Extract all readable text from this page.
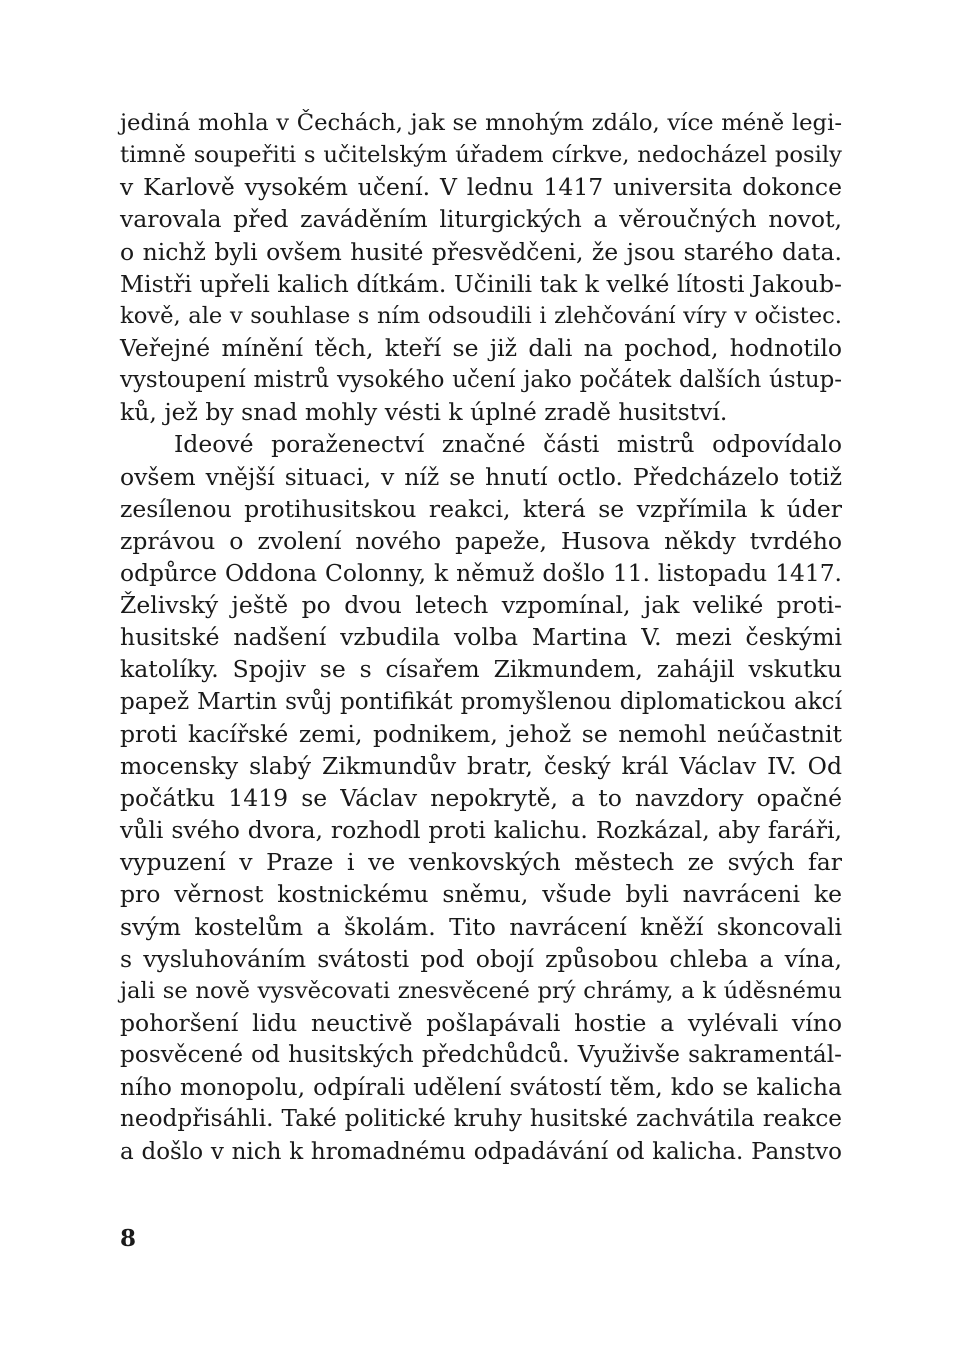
jediná mohla v Čechách, jak se mnohým zdálo, více méně legi-
timně soupeřiti s učitelským úřadem církve, nedocházel posily
v Karlově vysokém učení. V lednu 1417 universita dokonce
varovala před zaváděním liturgických a věroučných novot,
o nichž byli ovšem husité přesvědčeni, že jsou starého data.
Mistři upřeli kalich dítkám. Učinili tak k velké lítosti Jakoub-
kově, ale v souhlase s ním odsoudili i zlehčování víry v očistec.
Veřejné mínění těch, kteří se již dali na pochod, hodnotilo
vystoupení mistrů vysokého učení jako počátek dalších ústup-
ků, jež by snad mohly vésti k úplné zradě husitství.
Ideové poraženectví značné části mistrů odpovídalo
ovšem vnější situaci, v níž se hnutí octlo. Předcházelo totiž
zesílenou protihusitskou reakci, která se vzpřímila k úder
zprávou o zvolení nového papeže, Husova někdy tvrdého
odpůrce Oddona Colonny, k němuž došlo 11. listopadu 1417.
Želivský ještě po dvou letech vzpomínal, jak veliké proti-
husitské nadšení vzbudila volba Martina V. mezi českými
katolíky. Spojiv se s císařem Zikmundem, zahájil vskutku
papež Martin svůj pontifikát promyšlenou diplomatickou akcí
proti kacířské zemi, podnikem, jehož se nemohl neúčastnit
mocensky slabý Zikmundův bratr, český král Václav IV. Od
počátku 1419 se Václav nepokrytě, a to navzdory opačné
vůli svého dvora, rozhodl proti kalichu. Rozkázal, aby faráři,
vypuzení v Praze i ve venkovských městech ze svých far
pro věrnost kostnickému sněmu, všude byli navráceni ke
svým kostelům a školám. Tito navrácení kněží skoncovali
s vysluhováním svátosti pod obojí způsobou chleba a vína,
jali se nově vysvěcovati znesvěcené prý chrámy, a k úděsnému
pohoršení lidu neuctivě pošlapávali hostie a vylévali víno
posvěcené od husitských předchůdců. Využivše sakramentál-
ního monopolu, odpírali udělení svátostí těm, kdo se kalicha
neodpřisáhli. Také politické kruhy husitské zachvátila reakce
a došlo v nich k hromadnému odpadávání od kalicha. Panstvo
8
